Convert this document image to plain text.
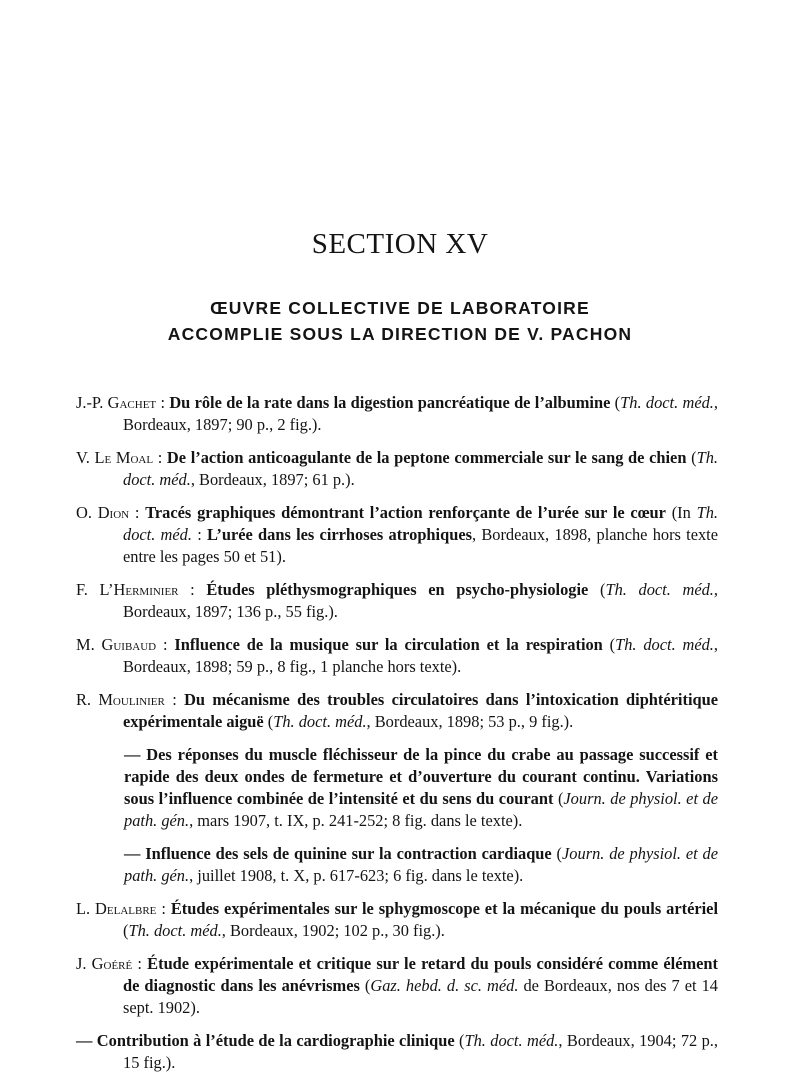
SECTION XV
ŒUVRE COLLECTIVE DE LABORATOIRE
ACCOMPLIE SOUS LA DIRECTION DE V. PACHON
J.-P. Gachet : Du rôle de la rate dans la digestion pancréatique de l’albumine (Th. doct. méd., Bordeaux, 1897; 90 p., 2 fig.).
V. Le Moal : De l’action anticoagulante de la peptone commerciale sur le sang de chien (Th. doct. méd., Bordeaux, 1897; 61 p.).
O. Dion : Tracés graphiques démontrant l’action renforçante de l’urée sur le cœur (In Th. doct. méd. : L’urée dans les cirrhoses atrophiques, Bordeaux, 1898, planche hors texte entre les pages 50 et 51).
F. L’Herminier : Études pléthysmographiques en psycho-physiologie (Th. doct. méd., Bordeaux, 1897; 136 p., 55 fig.).
M. Guibaud : Influence de la musique sur la circulation et la respiration (Th. doct. méd., Bordeaux, 1898; 59 p., 8 fig., 1 planche hors texte).
R. Moulinier : Du mécanisme des troubles circulatoires dans l’intoxication diphtéritique expérimentale aiguë (Th. doct. méd., Bordeaux, 1898; 53 p., 9 fig.).
— Des réponses du muscle fléchisseur de la pince du crabe au passage successif et rapide des deux ondes de fermeture et d’ouverture du courant continu. Variations sous l’influence combinée de l’intensité et du sens du courant (Journ. de physiol. et de path. gén., mars 1907, t. IX, p. 241-252; 8 fig. dans le texte).
— Influence des sels de quinine sur la contraction cardiaque (Journ. de physiol. et de path. gén., juillet 1908, t. X, p. 617-623; 6 fig. dans le texte).
L. Delalbre : Études expérimentales sur le sphygmoscope et la mécanique du pouls artériel (Th. doct. méd., Bordeaux, 1902; 102 p., 30 fig.).
J. Goéré : Étude expérimentale et critique sur le retard du pouls considéré comme élément de diagnostic dans les anévrismes (Gaz. hebd. d. sc. méd. de Bordeaux, nos des 7 et 14 sept. 1902).
— Contribution à l’étude de la cardiographie clinique (Th. doct. méd., Bordeaux, 1904; 72 p., 15 fig.).
